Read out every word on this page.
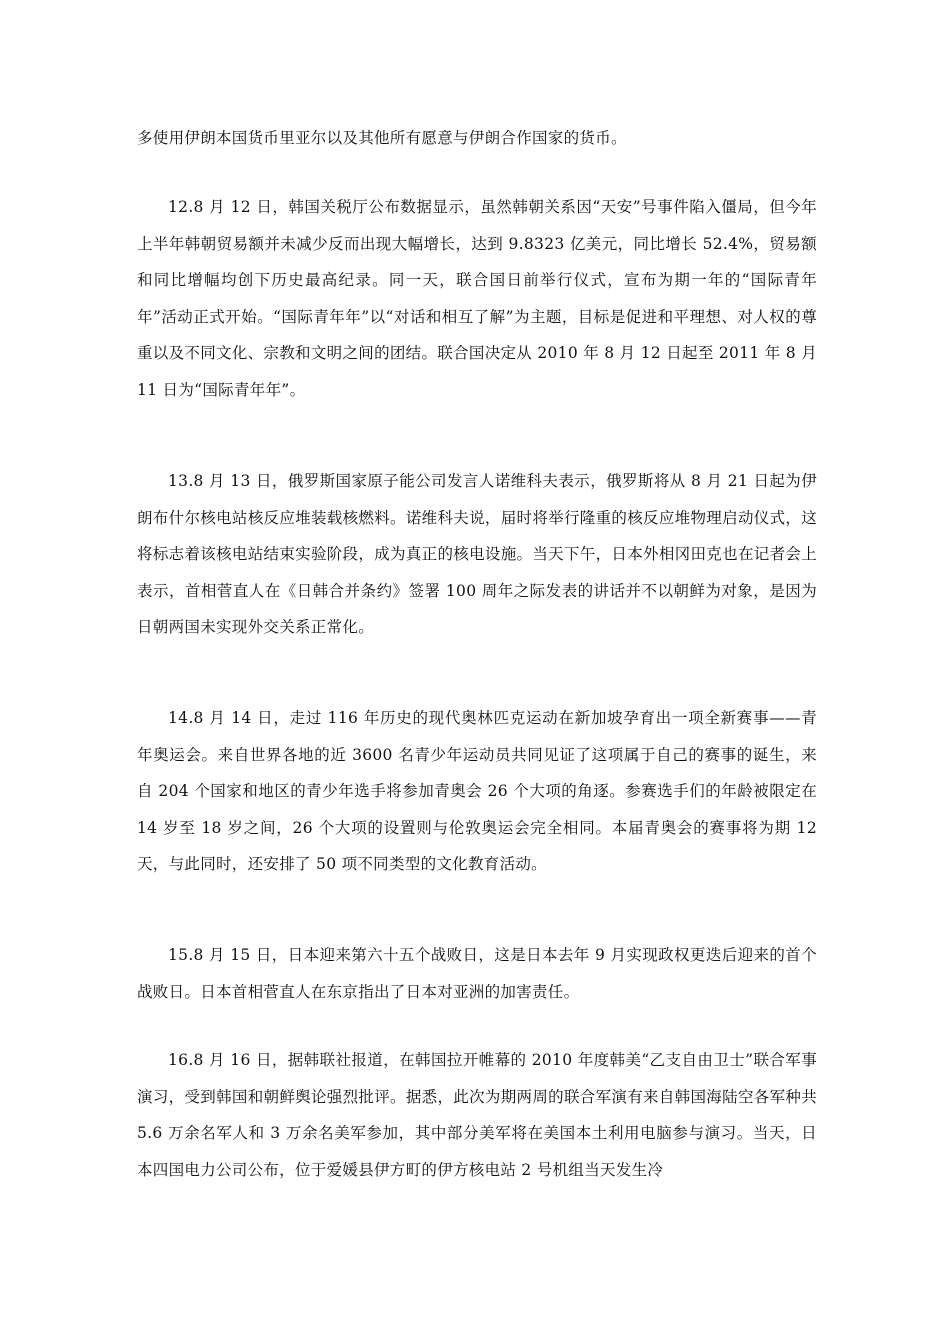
多使用伊朗本国货币里亚尔以及其他所有愿意与伊朗合作国家的货币。

12.8 月 12 日，韩国关税厅公布数据显示，虽然韩朝关系因“天安”号事件陷入僵局，但今年上半年韩朝贸易额并未减少反而出现大幅增长，达到 9.8323 亿美元，同比增长 52.4%，贸易额和同比增幅均创下历史最高纪录。同一天，联合国日前举行仪式，宣布为期一年的“国际青年年”活动正式开始。“国际青年年”以“对话和相互了解”为主题，目标是促进和平理想、对人权的尊重以及不同文化、宗教和文明之间的团结。联合国决定从 2010 年 8 月 12 日起至 2011 年 8 月 11 日为“国际青年年”。

13.8 月 13 日，俄罗斯国家原子能公司发言人诺维科夫表示，俄罗斯将从 8 月 21 日起为伊朗布什尔核电站核反应堆装载核燃料。诺维科夫说，届时将举行隆重的核反应堆物理启动仪式，这将标志着该核电站结束实验阶段，成为真正的核电设施。当天下午，日本外相冈田克也在记者会上表示，首相菅直人在《日韩合并条约》签署 100 周年之际发表的讲话并不以朝鲜为对象，是因为日朝两国未实现外交关系正常化。

14.8 月 14 日，走过 116 年历史的现代奥林匹克运动在新加坡孕育出一项全新赛事——青年奥运会。来自世界各地的近 3600 名青少年运动员共同见证了这项属于自己的赛事的诞生，来自 204 个国家和地区的青少年选手将参加青奥会 26 个大项的角逐。参赛选手们的年龄被限定在 14 岁至 18 岁之间，26 个大项的设置则与伦敦奥运会完全相同。本届青奥会的赛事将为期 12 天，与此同时，还安排了 50 项不同类型的文化教育活动。

15.8 月 15 日，日本迎来第六十五个战败日，这是日本去年 9 月实现政权更迭后迎来的首个战败日。日本首相菅直人在东京指出了日本对亚洲的加害责任。

16.8 月 16 日，据韩联社报道，在韩国拉开帷幕的 2010 年度韩美“乙支自由卫士”联合军事演习，受到韩国和朝鲜舆论强烈批评。据悉，此次为期两周的联合军演有来自韩国海陆空各军种共 5.6 万余名军人和 3 万余名美军参加，其中部分美军将在美国本土利用电脑参与演习。当天，日本四国电力公司公布，位于爱媛县伊方町的伊方核电站 2 号机组当天发生冷
